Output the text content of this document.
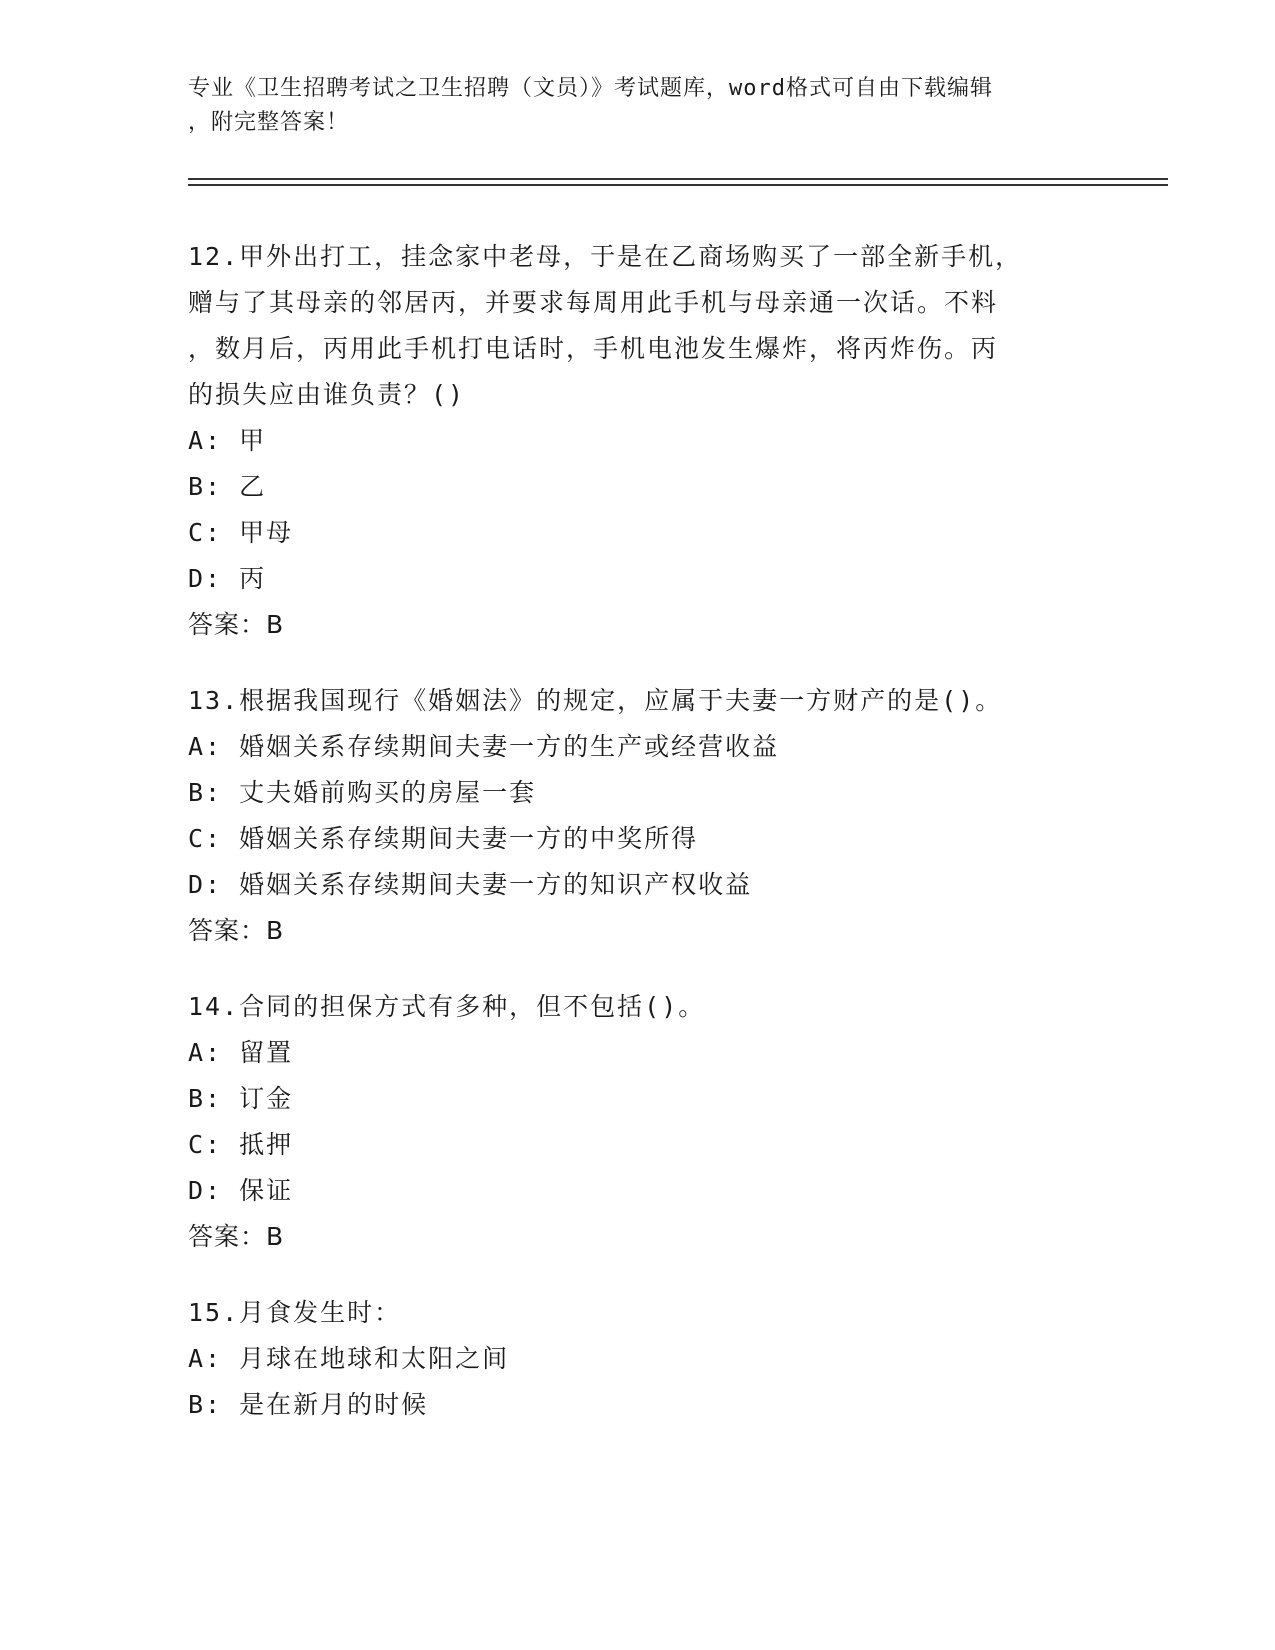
专业《卫生招聘考试之卫生招聘（文员）》考试题库，word格式可自由下载编辑
，附完整答案！
12.甲外出打工，挂念家中老母，于是在乙商场购买了一部全新手机，
赠与了其母亲的邻居丙，并要求每周用此手机与母亲通一次话。不料
，数月后，丙用此手机打电话时，手机电池发生爆炸，将丙炸伤。丙
的损失应由谁负责？()
A: 甲
B: 乙
C: 甲母
D: 丙
答案：B
13.根据我国现行《婚姻法》的规定，应属于夫妻一方财产的是()。
A: 婚姻关系存续期间夫妻一方的生产或经营收益
B: 丈夫婚前购买的房屋一套
C: 婚姻关系存续期间夫妻一方的中奖所得
D: 婚姻关系存续期间夫妻一方的知识产权收益
答案：B
14.合同的担保方式有多种，但不包括()。
A: 留置
B: 订金
C: 抵押
D: 保证
答案：B
15.月食发生时：
A: 月球在地球和太阳之间
B: 是在新月的时候
